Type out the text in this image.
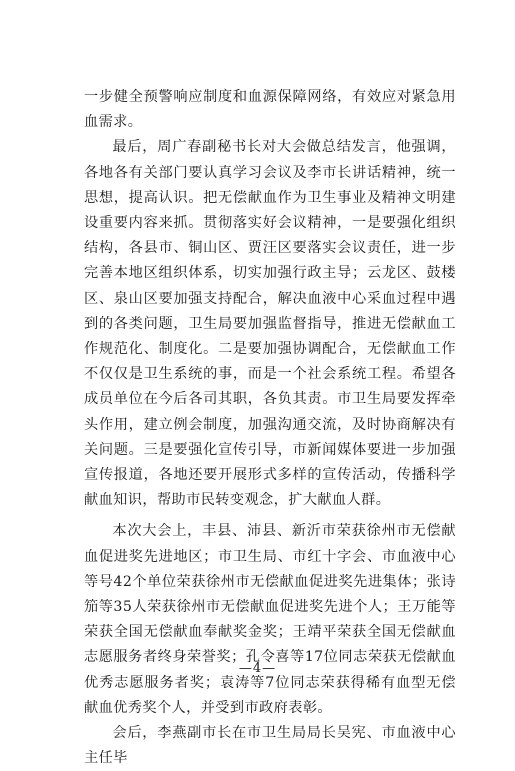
一步健全预警响应制度和血源保障网络，有效应对紧急用血需求。

最后，周广春副秘书长对大会做总结发言，他强调，各地各有关部门要认真学习会议及李市长讲话精神，统一思想，提高认识。把无偿献血作为卫生事业及精神文明建设重要内容来抓。贯彻落实好会议精神，一是要强化组织结构，各县市、铜山区、贾汪区要落实会议责任，进一步完善本地区组织体系，切实加强行政主导；云龙区、鼓楼区、泉山区要加强支持配合，解决血液中心采血过程中遇到的各类问题，卫生局要加强监督指导，推进无偿献血工作规范化、制度化。二是要加强协调配合，无偿献血工作不仅仅是卫生系统的事，而是一个社会系统工程。希望各成员单位在今后各司其职，各负其责。市卫生局要发挥牵头作用，建立例会制度，加强沟通交流，及时协商解决有关问题。三是要强化宣传引导，市新闻媒体要进一步加强宣传报道，各地还要开展形式多样的宣传活动，传播科学献血知识，帮助市民转变观念，扩大献血人群。

本次大会上，丰县、沛县、新沂市荣获徐州市无偿献血促进奖先进地区；市卫生局、市红十字会、市血液中心等号42个单位荣获徐州市无偿献血促进奖先进集体；张诗笳等35人荣获徐州市无偿献血促进奖先进个人；王万能等荣获全国无偿献血奉献奖金奖；王靖平荣获全国无偿献血志愿服务者终身荣誉奖；孔令喜等17位同志荣获无偿献血优秀志愿服务者奖；袁涛等7位同志荣获得稀有血型无偿献血优秀奖个人，并受到市政府表彰。

会后，李燕副市长在市卫生局局长吴宪、市血液中心主任毕

—4—
